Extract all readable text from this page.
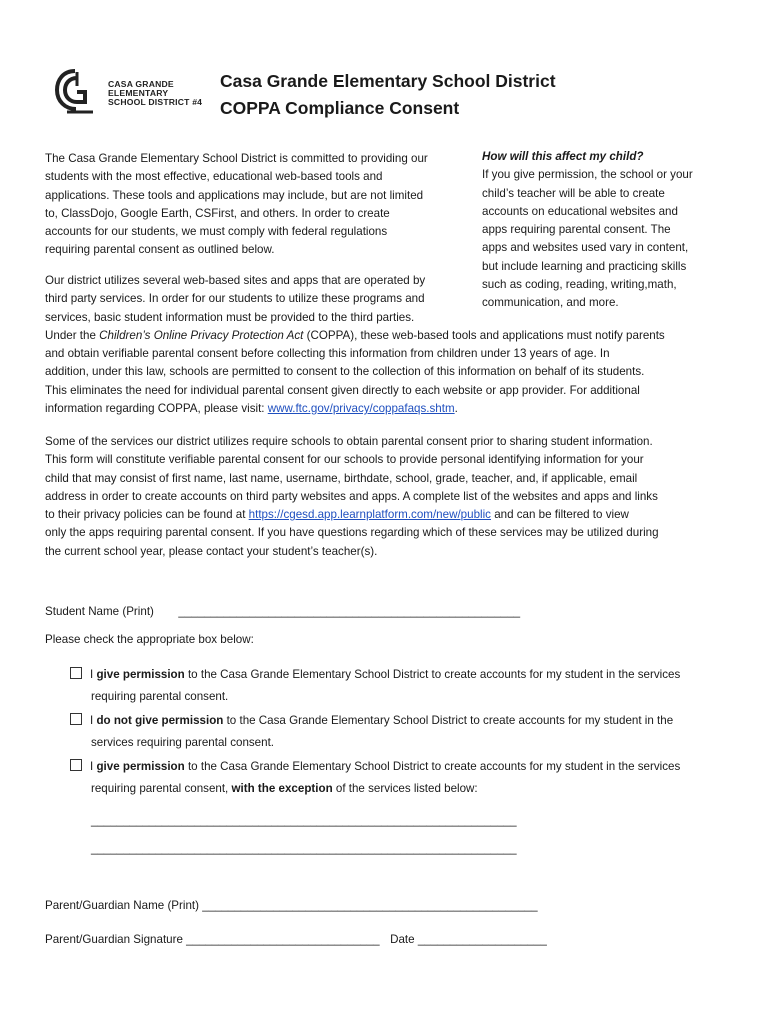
CASA GRANDE
ELEMENTARY
SCHOOL DISTRICT #4
Casa Grande Elementary School District
COPPA Compliance Consent
The Casa Grande Elementary School District is committed to providing our
students with the most effective, educational web-based tools and
applications. These tools and applications may include, but are not limited
to, ClassDojo, Google Earth, CSFirst, and others. In order to create
accounts for our students, we must comply with federal regulations
requiring parental consent as outlined below.
How will this affect my child?
If you give permission, the school or your
child’s teacher will be able to create
accounts on educational websites and
apps requiring parental consent. The
apps and websites used vary in content,
but include learning and practicing skills
such as coding, reading, writing,math,
communication, and more.
Our district utilizes several web-based sites and apps that are operated by
third party services. In order for our students to utilize these programs and
services, basic student information must be provided to the third parties.
Under the Children’s Online Privacy Protection Act (COPPA), these web-based tools and applications must notify parents
and obtain verifiable parental consent before collecting this information from children under 13 years of age. In
addition, under this law, schools are permitted to consent to the collection of this information on behalf of its students.
This eliminates the need for individual parental consent given directly to each website or app provider. For additional
information regarding COPPA, please visit: www.ftc.gov/privacy/coppafaqs.shtm.
Some of the services our district utilizes require schools to obtain parental consent prior to sharing student information.
This form will constitute verifiable parental consent for our schools to provide personal identifying information for your
child that may consist of first name, last name, username, birthdate, school, grade, teacher, and, if applicable, email
address in order to create accounts on third party websites and apps. A complete list of the websites and apps and links
to their privacy policies can be found at https://cgesd.app.learnplatform.com/new/public and can be filtered to view
only the apps requiring parental consent. If you have questions regarding which of these services may be utilized during
the current school year, please contact your student’s teacher(s).
Student Name (Print) _____________________________________________________
Please check the appropriate box below:
I give permission to the Casa Grande Elementary School District to create accounts for my student in the services
requiring parental consent.
I do not give permission to the Casa Grande Elementary School District to create accounts for my student in the
services requiring parental consent.
I give permission to the Casa Grande Elementary School District to create accounts for my student in the services
requiring parental consent, with the exception of the services listed below:
__________________________________________________________________
__________________________________________________________________
Parent/Guardian Name (Print) ____________________________________________________
Parent/Guardian Signature ______________________________ Date ____________________
